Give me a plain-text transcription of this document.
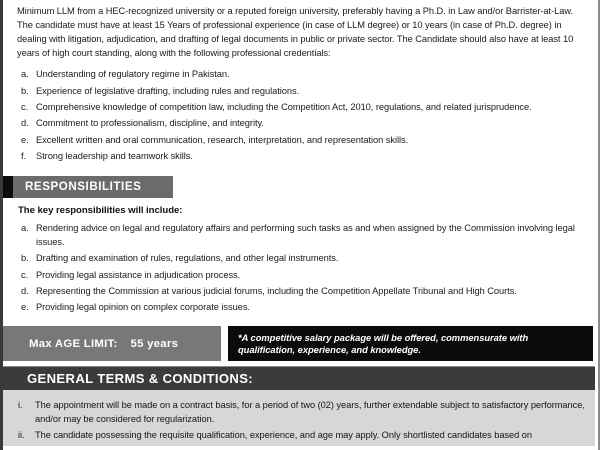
Minimum LLM from a HEC-recognized university or a reputed foreign university, preferably having a Ph.D. in Law and/or Barrister-at-Law. The candidate must have at least 15 Years of professional experience (in case of LLM degree) or 10 years (in case of Ph.D. degree) in dealing with litigation, adjudication, and drafting of legal documents in public or private sector. The Candidate should also have at least 10 years of high court standing, along with the following professional credentials:
a. Understanding of regulatory regime in Pakistan.
b. Experience of legislative drafting, including rules and regulations.
c. Comprehensive knowledge of competition law, including the Competition Act, 2010, regulations, and related jurisprudence.
d. Commitment to professionalism, discipline, and integrity.
e. Excellent written and oral communication, research, interpretation, and representation skills.
f.	Strong leadership and teamwork skills.
RESPONSIBILITIES
The key responsibilities will include:
a. Rendering advice on legal and regulatory affairs and performing such tasks as and when assigned by the Commission involving legal issues.
b. Drafting and examination of rules, regulations, and other legal instruments.
c. Providing legal assistance in adjudication process.
d. Representing the Commission at various judicial forums, including the Competition Appellate Tribunal and High Courts.
e. Providing legal opinion on complex corporate issues.
Max AGE LIMIT: 55 years
*A competitive salary package will be offered, commensurate with qualification, experience, and knowledge.
GENERAL TERMS & CONDITIONS:
i.	The appointment will be made on a contract basis, for a period of two (02) years, further extendable subject to satisfactory performance, and/or may be considered for regularization.
ii.	The candidate possessing the requisite qualification, experience, and age may apply. Only shortlisted candidates based on
